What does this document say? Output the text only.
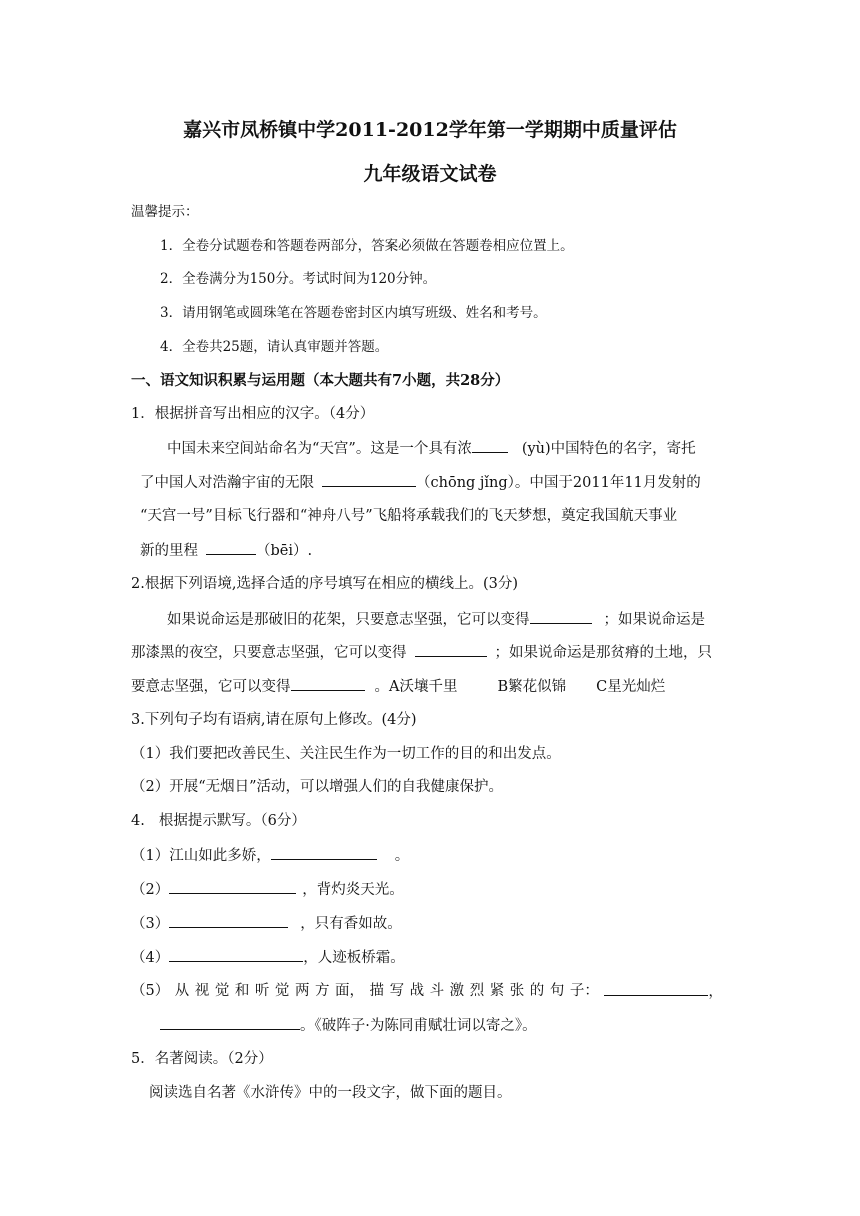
嘉兴市凤桥镇中学2011-2012学年第一学期期中质量评估
九年级语文试卷
温馨提示：
1．全卷分试题卷和答题卷两部分，答案必须做在答题卷相应位置上。
2．全卷满分为150分。考试时间为120分钟。
3．请用钢笔或圆珠笔在答题卷密封区内填写班级、姓名和考号。
4．全卷共25题，请认真审题并答题。
一、语文知识积累与运用题（本大题共有7小题，共28分）
1．根据拼音写出相应的汉字。（4分）
中国未来空间站命名为“天宫”。这是一个具有浓	(yù)中国特色的名字，寄托
了中国人对浩瀚宇宙的无限	（chōng jǐng）。中国于2011年11月发射的
“天宫一号”目标飞行器和“神舟八号”飞船将承载我们的飞天梦想，奠定我国航天事业
新的里程	（bēi）.
2.根据下列语境,选择合适的序号填写在相应的横线上。(3分)
如果说命运是那破旧的花架，只要意志坚强，它可以变得	；如果说命运是
那漆黑的夜空，只要意志坚强，它可以变得	；如果说命运是那贫瘠的土地，只
要意志坚强，它可以变得	。A沃壤千里	B繁花似锦 C星光灿烂
3.下列句子均有语病,请在原句上修改。(4分)
（1）我们要把改善民生、关注民生作为一切工作的目的和出发点。
（2）开展“无烟日”活动，可以增强人们的自我健康保护。
4. 根据提示默写。（6分）
（1）江山如此多娇，	。
（2）	，背灼炎天光。
（3）	，只有香如故。
（4）	，人迹板桥霜。
（5） 从 视 觉 和 听 觉 两 方 面， 描 写 战 斗 激 烈 紧 张 的 句 子：	，
。《破阵子·为陈同甫赋壮词以寄之》。
5．名著阅读。（2分）
阅读选自名著《水浒传》中的一段文字，做下面的题目。
